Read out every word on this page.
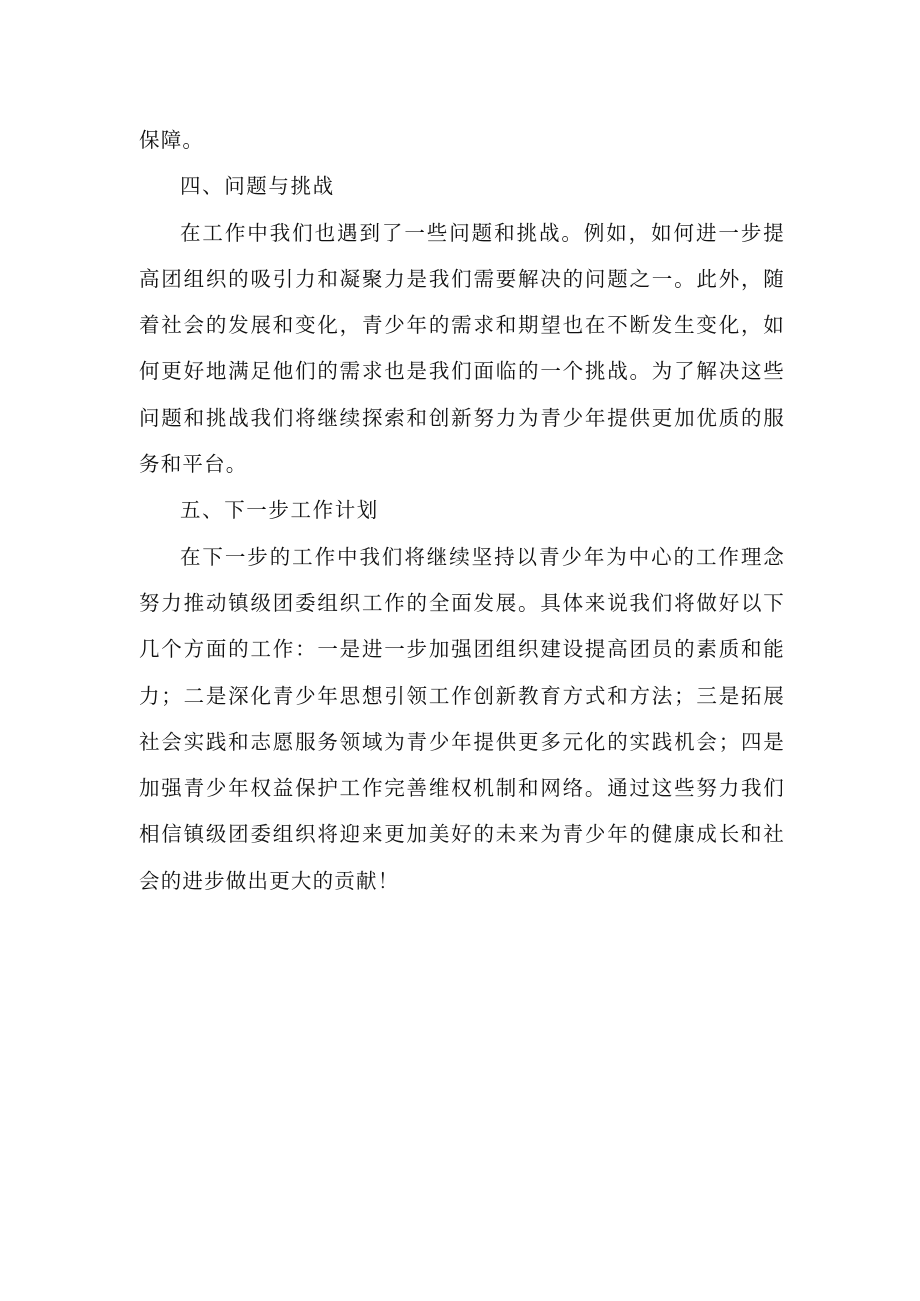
保障。

四、问题与挑战

在工作中我们也遇到了一些问题和挑战。例如，如何进一步提高团组织的吸引力和凝聚力是我们需要解决的问题之一。此外，随着社会的发展和变化，青少年的需求和期望也在不断发生变化，如何更好地满足他们的需求也是我们面临的一个挑战。为了解决这些问题和挑战我们将继续探索和创新努力为青少年提供更加优质的服务和平台。

五、下一步工作计划

在下一步的工作中我们将继续坚持以青少年为中心的工作理念努力推动镇级团委组织工作的全面发展。具体来说我们将做好以下几个方面的工作：一是进一步加强团组织建设提高团员的素质和能力；二是深化青少年思想引领工作创新教育方式和方法；三是拓展社会实践和志愿服务领域为青少年提供更多元化的实践机会；四是加强青少年权益保护工作完善维权机制和网络。通过这些努力我们相信镇级团委组织将迎来更加美好的未来为青少年的健康成长和社会的进步做出更大的贡献！
